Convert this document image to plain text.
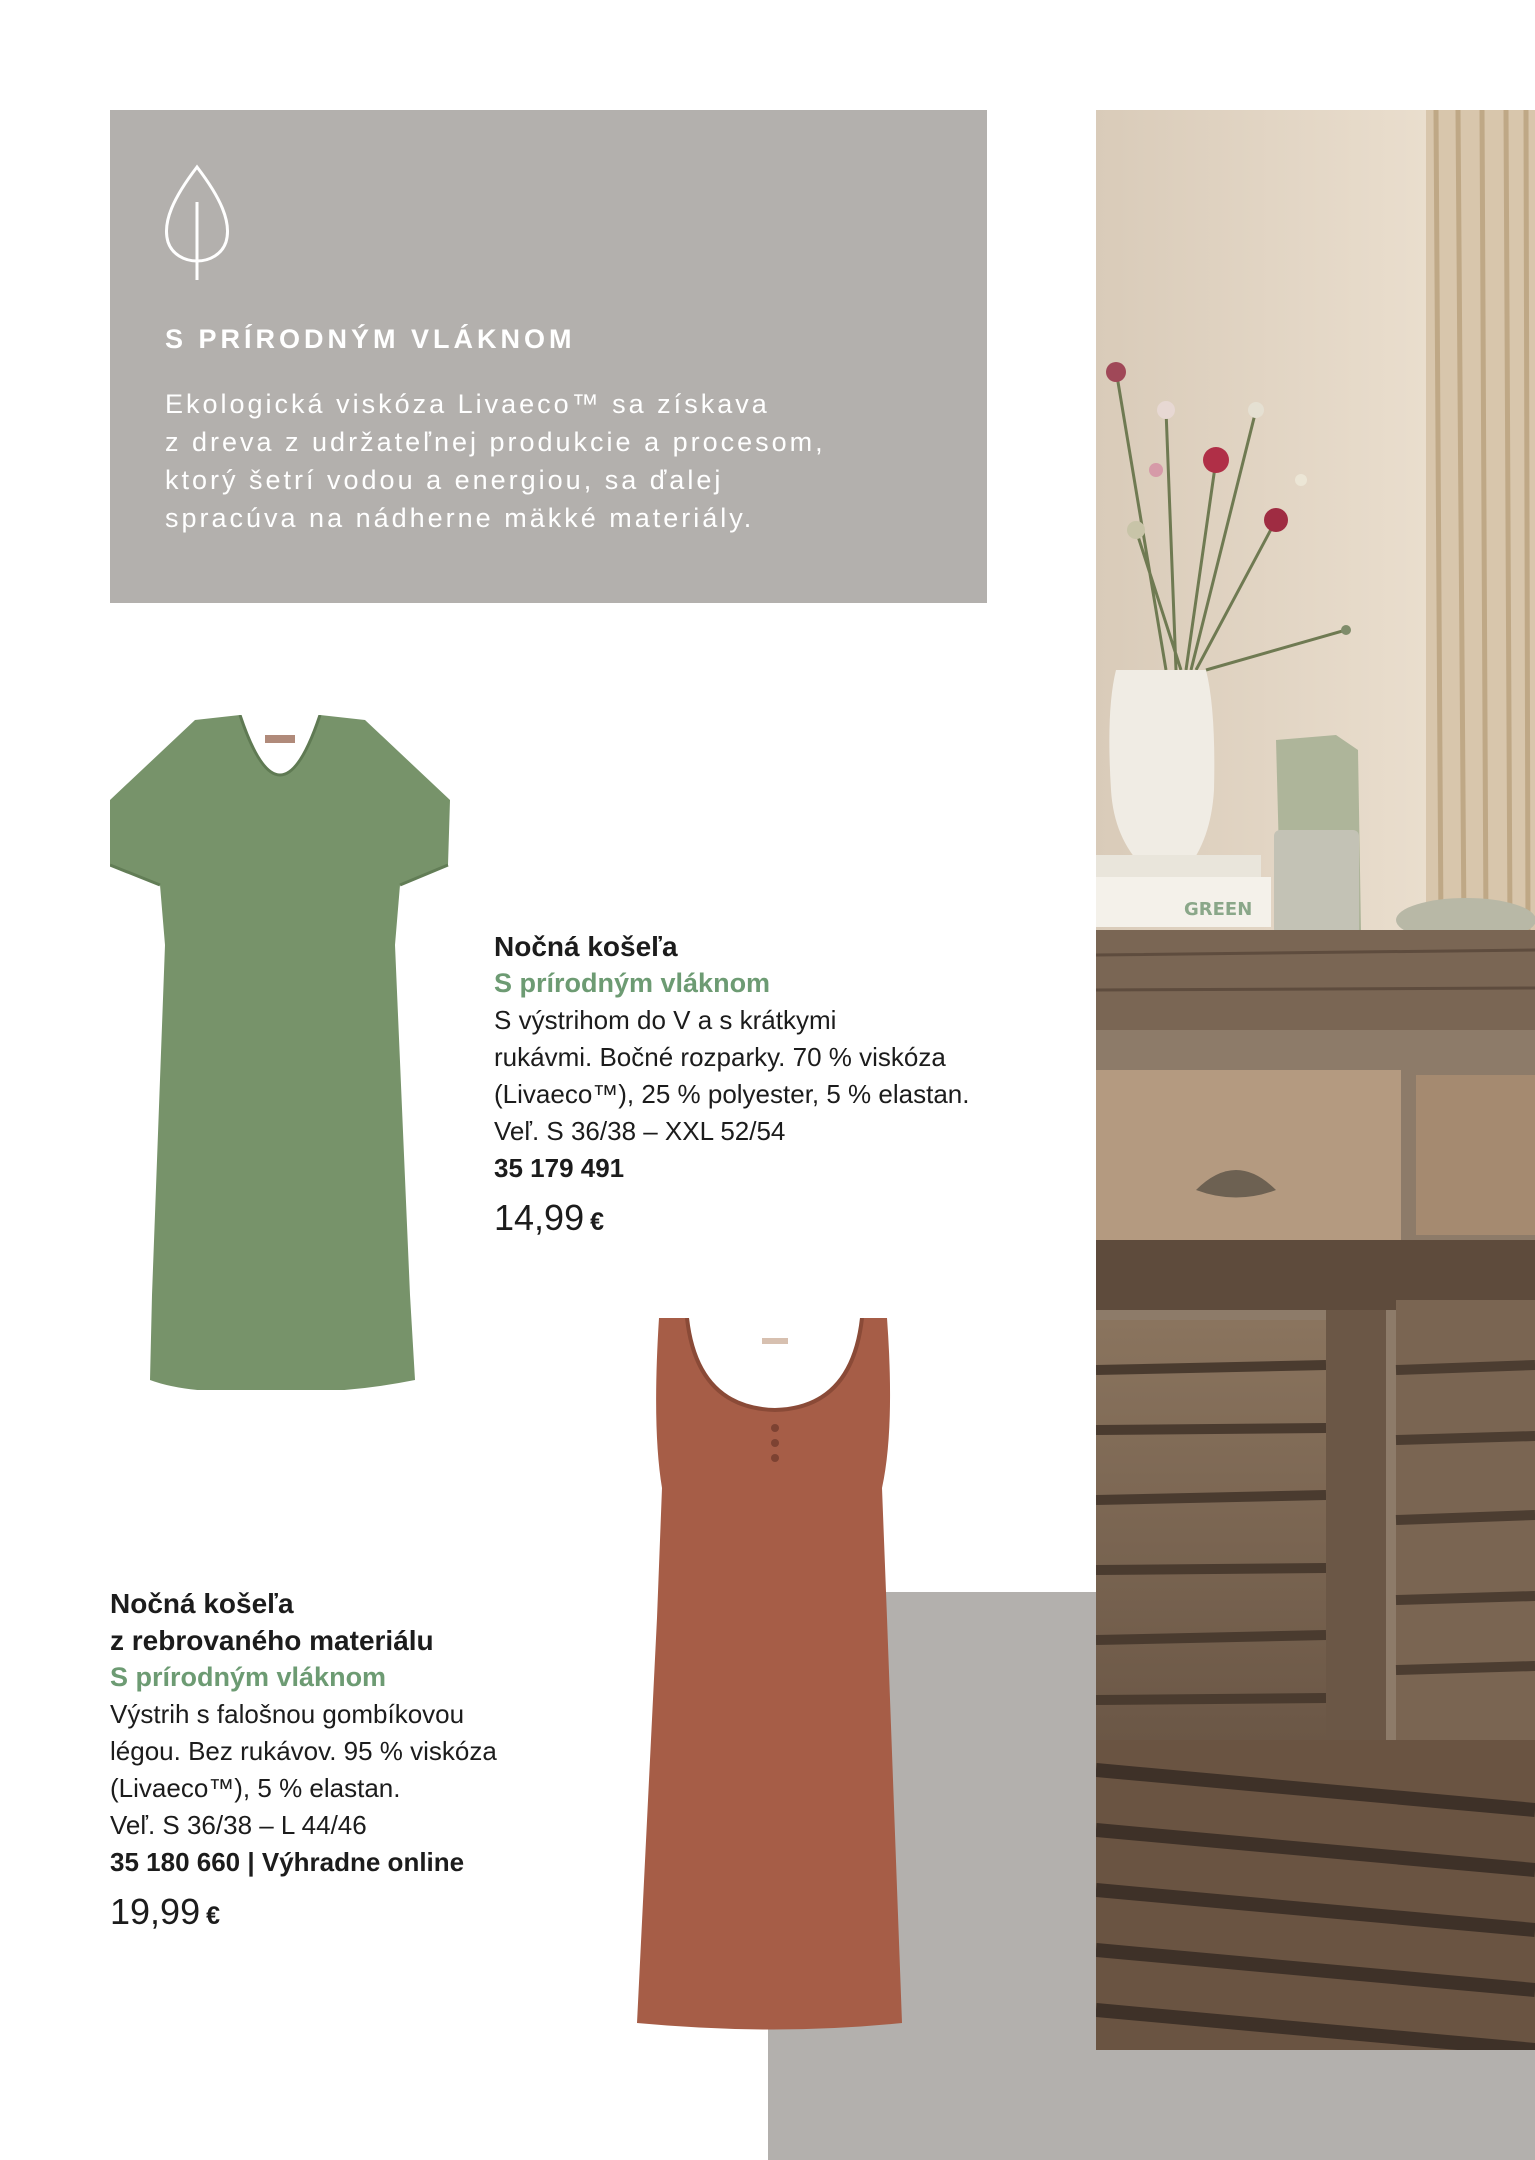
S PRÍRODNÝM VLÁKNOM

Ekologická viskóza Livaeco™ sa získava
z dreva z udržateľnej produkcie a procesom,
ktorý šetrí vodou a energiou, sa ďalej
spracúva na nádherne mäkké materiály.

GREEN

Nočná košeľa

S prírodným vláknom

S výstrihom do V a s krátkymi
rukávmi. Bočné rozparky. 70 % viskóza
(Livaeco™), 25 % polyester, 5 % elastan.
Veľ. S 36/38 – XXL 52/54

35 179 491

14,99 €

Nočná košeľa

z rebrovaného materiálu

S prírodným vláknom

Výstrih s falošnou gombíkovou
légou. Bez rukávov. 95 % viskóza
(Livaeco™), 5 % elastan.
Veľ. S 36/38 – L 44/46

35 180 660 | Výhradne online

19,99 €
